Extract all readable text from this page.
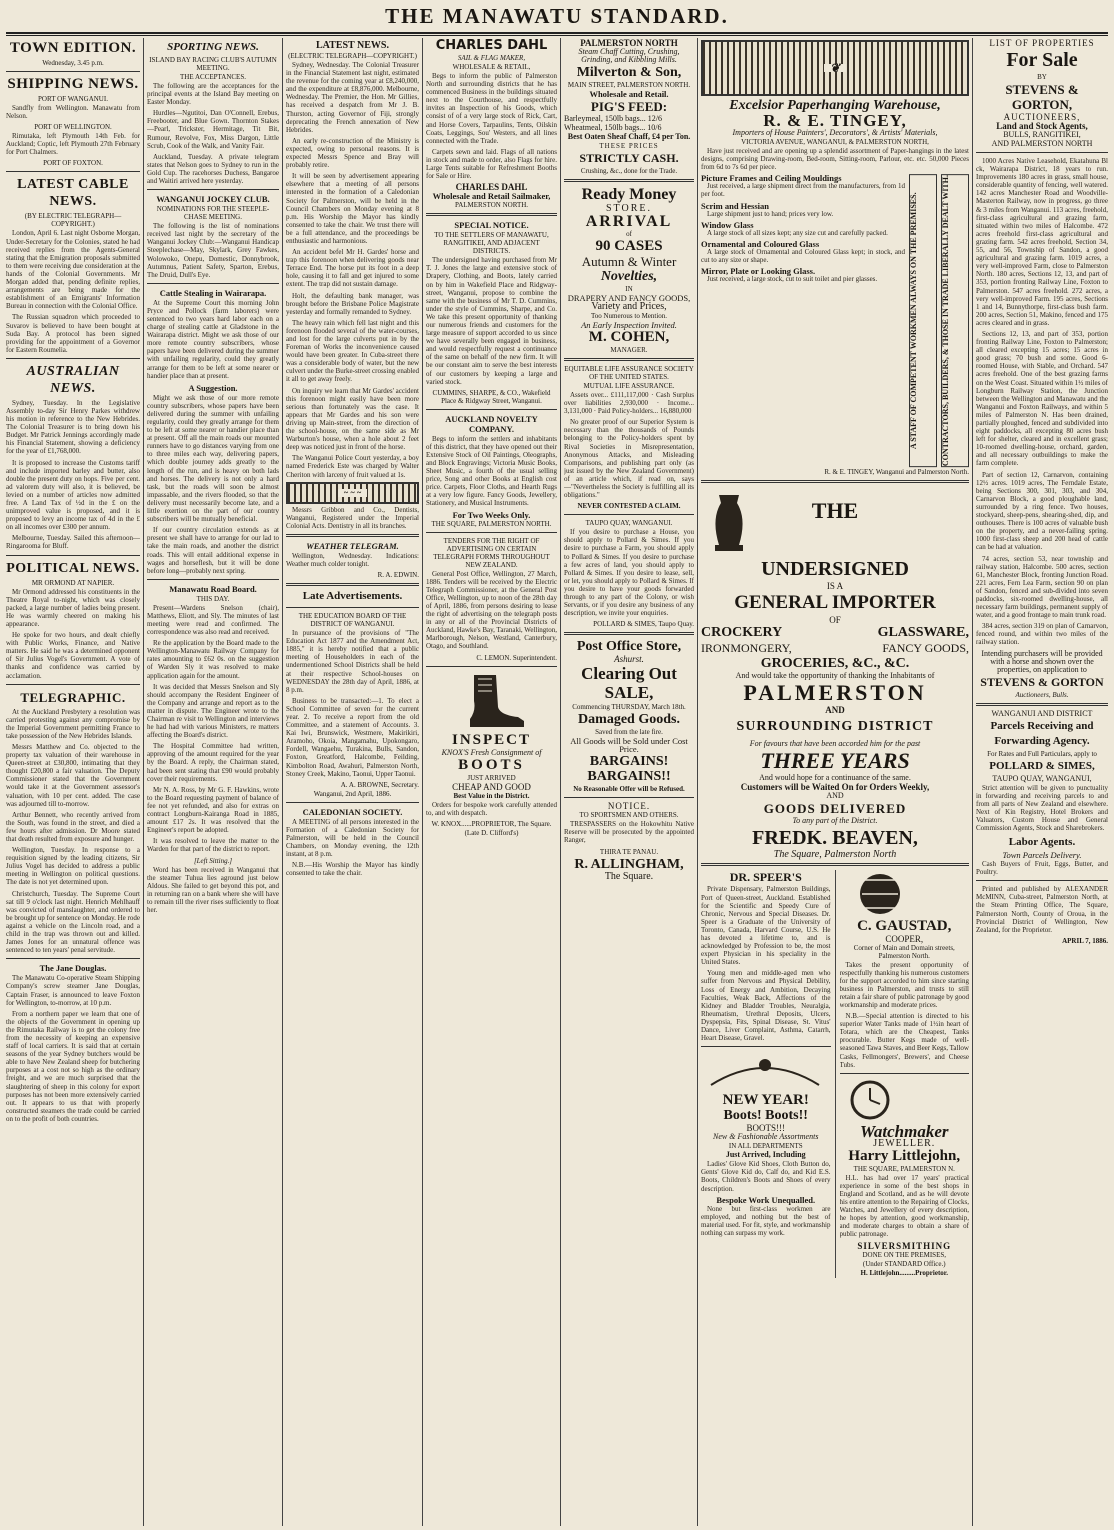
THE MANAWATU STANDARD.
TOWN EDITION.
Wednesday, 3.45 p.m.
SHIPPING NEWS.
PORT OF WANGANUI.

Sandfly from Wellington. Manawatu from Nelson.

PORT OF WELLINGTON.

Rimutaka, left Plymouth 14th Feb. for Auckland; Coptic, left Plymouth 27th February for Port Chalmers.

PORT OF FOXTON.
LATEST CABLE NEWS.
(BY ELECTRIC TELEGRAPH—COPYRIGHT.)

London, April 6. Last night Osborne Morgan, Under-Secretary for the Colonies, stated he had received replies from the Agents-General stating that the Emigration proposals submitted to them were receiving due consideration at the hands of the Colonial Governments. Mr Morgan added that, pending definite replies, arrangements are being made for the establishment of an Emigrants' Information Bureau in connection with the Colonial Office.

The Russian squadron which proceeded to Suvarov is believed to have been bought at Suda Bay. A protocol has been signed providing for the appointment of a Governor for Eastern Roumelia.

AUSTRALIAN NEWS.

Sydney, Tuesday. In the Legislative Assembly to-day Sir Henry Parkes withdrew his motion in reference to the New Hebrides. The Colonial Treasurer is to bring down his Budget. Mr Patrick Jennings accordingly made his Financial Statement, showing a deficiency for the year of £1,768,000.

It is proposed to increase the Customs tariff and include imported barley and butter, also double the present duty on hops. Five per cent. ad valorem duty will also, it is believed, be levied on a number of articles now admitted free. A Land Tax of ½d in the £ on the unimproved value is proposed, and it is proposed to levy an income tax of 4d in the £ on all incomes over £300 per annum.

Melbourne, Tuesday. Sailed this afternoon—Ringarooma for Bluff.

POLITICAL NEWS.
MR ORMOND AT NAPIER.

Mr Ormond addressed his constituents in the Theatre Royal to-night, which was closely packed, a large number of ladies being present. He was warmly cheered on making his appearance.

He spoke for two hours, and dealt chiefly with Public Works, Finance, and Native matters. He said he was a determined opponent of Sir Julius Vogel's Government. A vote of thanks and confidence was carried by acclamation.

TELEGRAPHIC.

At the Auckland Presbytery a resolution was carried protesting against any compromise by the Imperial Government permitting France to take possession of the New Hebrides Islands.

Messrs Matthew and Co. objected to the property tax valuation of their warehouse in Queen-street at £30,800, intimating that they thought £20,800 a fair valuation. The Deputy Commissioner stated that the Government would take it at the Government assessor's valuation, with 10 per cent. added. The case was adjourned till to-morrow.

Arthur Bennett, who recently arrived from the South, was found in the street, and died a few hours after admission. Dr Moore stated that death resulted from exposure and hunger.

Wellington, Tuesday. In response to a requisition signed by the leading citizens, Sir Julius Vogel has decided to address a public meeting in Wellington on political questions. The date is not yet determined upon.

Christchurch, Tuesday. The Supreme Court sat till 9 o'clock last night. Henrich Mehlhauff was convicted of manslaughter, and ordered to be brought up for sentence on Monday. He rode against a vehicle on the Lincoln road, and a child in the trap was thrown out and killed. James Jones for an unnatural offence was sentenced to ten years' penal servitude.

The Jane Douglas.

The Manawatu Co-operative Steam Shipping Company's screw steamer Jane Douglas, Captain Fraser, is announced to leave Foxton for Wellington, to-morrow, at 10 p.m.

From a northern paper we learn that one of the objects of the Government in opening up the Rimutaka Railway is to get the colony free from the necessity of keeping an expensive staff of local carriers. It is said that at certain seasons of the year Sydney butchers would be able to have New Zealand sheep for butchering purposes at a cost not so high as the ordinary freight, and we are much surprised that the slaughtering of sheep in this colony for export purposes has not been more extensively carried out. It appears to us that with properly constructed steamers the trade could be carried on to the profit of both countries.

SPORTING NEWS.
ISLAND BAY RACING CLUB'S AUTUMN MEETING.
THE ACCEPTANCES.

The following are the acceptances for the principal events at the Island Bay meeting on Easter Monday.

Hurdles—Ngutitoi, Dan O'Connell, Erebus, Freebooter, and Blue Gown. Thornton Stakes—Pearl, Trickster, Hermitage, Tit Bit, Rumour, Revolve, Fox, Miss Dargon, Little Scrub, Cook of the Walk, and Vanity Fair.

Auckland, Tuesday. A private telegram states that Nelson goes to Sydney to run in the Gold Cup. The racehorses Duchess, Bangaroe and Waitiri arrived here yesterday.

WANGANUI JOCKEY CLUB.
NOMINATIONS FOR THE STEEPLE-CHASE MEETING.

The following is the list of nominations received last night by the secretary of the Wanganui Jockey Club:—Wanganui Handicap Steeplechase—May, Skylark, Grey Fawkes, Wolowoko, Onepu, Domestic, Donnybrook, Autumnus, Patient Safety, Sparton, Erebus, The Druid, Dull's Eye.

Cattle Stealing in Wairarapa.

At the Supreme Court this morning John Pryce and Pollock (farm laborers) were sentenced to two years hard labor each on a charge of stealing cattle at Gladstone in the Wairarapa district. Might we ask those of our more remote country subscribers, whose papers have been delivered during the summer with unfailing regularity, could they greatly arrange for them to be left at some nearer or handier place than at present.

A Suggestion.

Might we ask those of our more remote country subscribers, whose papers have been delivered during the summer with unfailing regularity, could they greatly arrange for them to be left at some nearer or handier place than at present. Off all the main roads our mounted runners have to go distances varying from one to three miles each way, delivering papers, which double journey adds greatly to the length of the run, and is heavy on both lads and horses. The delivery is not only a hard task, but the roads will soon be almost impassable, and the rivers flooded, so that the delivery must necessarily become late, and a little exertion on the part of our country subscribers will be mutually beneficial.

If our country circulation extends as at present we shall have to arrange for our lad to take the main roads, and another the district roads. This will entail additional expense in wages and horseflesh, but it will be done before long—probably next spring.

Manawatu Road Board.
THIS DAY.

Present—Wardens Snelson (chair), Matthews, Eliott, and Sly. The minutes of last meeting were read and confirmed. The correspondence was also read and received.

Re the application by the Board made to the Wellington-Manawatu Railway Company for rates amounting to £62 0s. on the suggestion of Warden Sly it was resolved to make application again for the amount.

It was decided that Messrs Snelson and Sly should accompany the Resident Engineer of the Company and arrange and report as to the matter in dispute. The Engineer wrote to the Chairman re visit to Wellington and interviews he had had with various Ministers, re matters affecting the Board's district.

The Hospital Committee had written, approving of the amount required for the year by the Board. A reply, the Chairman stated, had been sent stating that £90 would probably cover their requirements.

Mr N. A. Ross, by Mr G. F. Hawkins, wrote to the Board requesting payment of balance of fee not yet refunded, and also for extras on contract Longburn-Kairanga Road in 1885, amount £17 2s. It was resolved that the Engineer's report be adopted.

It was resolved to leave the matter to the Warden for that part of the district to report.

[Left Sitting.]

Word has been received in Wanganui that the steamer Tuhua lies aground just below Aldous. She failed to get beyond this pot, and in returning ran on a bank where she will have to remain till the river rises sufficiently to float her.

LATEST NEWS.
(ELECTRIC TELEGRAPH—COPYRIGHT.)

Sydney, Wednesday. The Colonial Treasurer in the Financial Statement last night, estimated the revenue for the coming year at £8,240,000, and the expenditure at £8,876,000. Melbourne, Wednesday. The Premier, the Hon. Mr Gillies, has received a despatch from Mr J. B. Thurston, acting Governor of Fiji, strongly deprecating the French annexation of New Hebrides.

An early re-construction of the Ministry is expected, owing to personal reasons. It is expected Messrs Spence and Bray will probably retire.

It will be seen by advertisement appearing elsewhere that a meeting of all persons interested in the formation of a Caledonian Society for Palmerston, will be held in the Council Chambers on Monday evening at 8 p.m. His Worship the Mayor has kindly consented to take the chair. We trust there will be a full attendance, and the proceedings be enthusiastic and harmonious.

An accident befel Mr H. Gardes' horse and trap this forenoon when delivering goods near Terrace End. The horse put its foot in a deep hole, causing it to fall and get injured to some extent. The trap did not sustain damage.

Holt, the defaulting bank manager, was brought before the Brisbane Police Magistrate yesterday and formally remanded to Sydney.

The heavy rain which fell last night and this forenoon flooded several of the water-courses, and lost for the large culverts put in by the Foreman of Works the inconvenience caused would have been greater. In Cuba-street there was a considerable body of water, but the new culvert under the Burke-street crossing enabled it all to get away freely.

On inquiry we learn that Mr Gardes' accident this forenoon might easily have been more serious than fortunately was the case. It appears that Mr Gardes and his son were driving up Main-street, from the direction of the school-house, on the same side as Mr Warburton's house, when a hole about 2 feet deep was noticed just in front of the horse.

The Wanganui Police Court yesterday, a boy named Frederick Este was charged by Walter Cheriton with larceny of fruit valued at 1s.

~ ~ ~

Messrs Gribbon and Co., Dentists, Wanganui, Registered under the Imperial Colonial Acts. Dentistry in all its branches.

WEATHER TELEGRAM.

Wellington, Wednesday. Indications: Weather much colder tonight.

R. A. EDWIN.
Late Advertisements.
THE EDUCATION BOARD OF THE DISTRICT OF WANGANUI.

In pursuance of the provisions of "The Education Act 1877 and the Amendment Act, 1885," it is hereby notified that a public meeting of Householders in each of the undermentioned School Districts shall be held at their respective School-houses on WEDNESDAY the 28th day of April, 1886, at 8 p.m.

Business to be transacted:—1. To elect a School Committee of seven for the current year. 2. To receive a report from the old Committee, and a statement of Accounts. 3. Kai Iwi, Brunswick, Westmere, Makirikiri, Aramoho, Okoia, Mangamahu, Upokongaro, Fordell, Wangaehu, Turakina, Bulls, Sandon, Foxton, Greatford, Halcombe, Feilding, Kimbolton Road, Awahuri, Palmerston North, Stoney Creek, Makino, Taonui, Upper Taonui.

A. A. BROWNE, Secretary.
Wanganui, 2nd April, 1886.
CALEDONIAN SOCIETY.

A MEETING of all persons interested in the Formation of a Caledonian Society for Palmerston, will be held in the Council Chambers, on Monday evening, the 12th instant, at 8 p.m.

N.B.—His Worship the Mayor has kindly consented to take the chair.

CHARLES DAHL
SAIL & FLAG MAKER,
WHOLESALE & RETAIL,

Begs to inform the public of Palmerston North and surrounding districts that he has commenced Business in the buildings situated next to the Courthouse, and respectfully invites an Inspection of his Goods, which consist of of a very large stock of Rick, Cart, and Horse Covers, Tarpaulins, Tents, Oilskin Coats, Leggings, Sou' Westers, and all lines connected with the Trade.

Carpets sewn and laid. Flags of all nations in stock and made to order, also Flags for hire. Large Tents suitable for Refreshment Booths for Sale or Hire.

CHARLES DAHL
Wholesale and Retail Sailmaker,
PALMERSTON NORTH.
SPECIAL NOTICE.
TO THE SETTLERS OF MANAWATU, RANGITIKEI, AND ADJACENT DISTRICTS.

The undersigned having purchased from Mr T. J. Jones the large and extensive stock of Drapery, Clothing, and Boots, lately carried on by him in Wakefield Place and Ridgway-street, Wanganui, propose to combine the same with the business of Mr T. D. Cummins, under the style of Cummins, Sharpe, and Co. We take this present opportunity of thanking our numerous friends and customers for the large measure of support accorded to us since we have severally been engaged in business, and would respectfully request a continuance of the same on behalf of the new firm. It will be our constant aim to serve the best interests of our customers by keeping a large and varied stock.

CUMMINS, SHARPE, & CO., Wakefield Place & Ridgway Street, Wanganui.
AUCKLAND NOVELTY COMPANY.

Begs to inform the settlers and inhabitants of this district, that they have opened out their Extensive Stock of Oil Paintings, Oleographs, and Block Engravings; Victoria Music Books, Sheet Music, a fourth of the usual selling price, Song and other Books at English cost price. Carpets, Floor Cloths, and Hearth Rugs at a very low figure. Fancy Goods, Jewellery, Stationery, and Musical Instruments.

For Two Weeks Only.
THE SQUARE, PALMERSTON NORTH.
TENDERS FOR THE RIGHT OF ADVERTISING ON CERTAIN TELEGRAPH FORMS THROUGHOUT NEW ZEALAND.

General Post Office, Wellington, 27 March, 1886. Tenders will be received by the Electric Telegraph Commissioner, at the General Post Office, Wellington, up to noon of the 28th day of April, 1886, from persons desiring to lease the right of advertising on the telegraph posts in any or all of the Provincial Districts of Auckland, Hawke's Bay, Taranaki, Wellington, Marlborough, Nelson, Westland, Canterbury, Otago, and Southland.

C. LEMON. Superintendent.
INSPECT
KNOX'S Fresh Consignment of
BOOTS
JUST ARRIVED
CHEAP AND GOOD
Best Value in the District.

Orders for bespoke work carefully attended to, and with despatch.

W. KNOX......PROPRIETOR, The Square.
(Late D. Clifford's)
PALMERSTON NORTH
Steam Chaff Cutting, Crushing, Grinding, and Kibbling Mills.
Milverton & Son,
MAIN STREET, PALMERSTON NORTH.
Wholesale and Retail.
PIG'S FEED:
Barleymeal, 150lb bags... 12/6
Wheatmeal, 150lb bags... 10/6
Best Oaten Sheaf Chaff, £4 per Ton.
THESE PRICES
STRICTLY CASH.
Crushing, &c., done for the Trade.
Ready Money
STORE.
ARRIVAL
of
90 CASES
Autumn & Winter
Novelties,
IN
DRAPERY AND FANCY GOODS,
Variety and Prices,
Too Numerous to Mention.
An Early Inspection Invited.
M. COHEN,
MANAGER.
EQUITABLE LIFE ASSURANCE SOCIETY OF THE UNITED STATES.
MUTUAL LIFE ASSURANCE.

Assets over... £111,117,000 · Cash Surplus over liabilities 2,930,000 · Income... 3,131,000 · Paid Policy-holders... 16,880,000

No greater proof of our Superior System is necessary than the thousands of Pounds belonging to the Policy-holders spent by Rival Societies in Misrepresentation, Anonymous Attacks, and Misleading Comparisons, and publishing part only (as just issued by the New Zealand Government) of an article which, if read on, says—"Nevertheless the Society is fulfilling all its obligations."

NEVER CONTESTED A CLAIM.
TAUPO QUAY, WANGANUI.

If you desire to purchase a House, you should apply to Pollard & Simes. If you desire to purchase a Farm, you should apply to Pollard & Simes. If you desire to purchase a few acres of land, you should apply to Pollard & Simes. If you desire to lease, sell, or let, you should apply to Pollard & Simes. If you desire to have your goods forwarded through to any part of the Colony, or wish Servants, or if you desire any business of any description, we invite your enquiries.

POLLARD & SIMES, Taupo Quay.
Post Office Store,
Ashurst.
Clearing Out
SALE,
Commencing THURSDAY, March 18th.
Damaged Goods.
Saved from the late fire.
All Goods will be Sold under Cost Price.
BARGAINS! BARGAINS!!
No Reasonable Offer will be Refused.
NOTICE.
TO SPORTSMEN AND OTHERS.

TRESPASSERS on the Hokowhitu Native Reserve will be prosecuted by the appointed Ranger,

THIRA TE PANAU.
R. ALLINGHAM,
The Square.
❦
Excelsior Paperhanging Warehouse,
R. & E. TINGEY,
Importers of House Painters', Decorators', & Artists' Materials,
VICTORIA AVENUE, WANGANUI, & PALMERSTON NORTH,

Have just received and are opening up a splendid assortment of Paper-hangings in the latest designs, comprising Drawing-room, Bed-room, Sitting-room, Parlour, etc. etc. 50,000 Pieces from 6d to 7s 6d per piece.

Picture Frames and Ceiling Mouldings

Just received, a large shipment direct from the manufacturers, from 1d per foot.

Scrim and Hessian

Large shipment just to hand; prices very low.

Window Glass

A large stock of all sizes kept; any size cut and carefully packed.

Ornamental and Coloured Glass

A large stock of Ornamental and Coloured Glass kept; in stock, and cut to any size or shape.

Mirror, Plate or Looking Glass.

Just received, a large stock, cut to suit toilet and pier glasses.	A STAFF OF COMPETENT WORKMEN ALWAYS ON THE PREMISES.	CONTRACTORS, BUILDERS, & THOSE IN TRADE LIBERALLY DEALT WITH.
R. & E. TINGEY, Wanganui and Palmerston North.
THE
UNDERSIGNED
IS A
GENERAL IMPORTER
OF
CROCKERY	GLASSWARE,
IRONMONGERY,	FANCY GOODS,
GROCERIES, &C., &C.
And would take the opportunity of thanking the Inhabitants of
PALMERSTON
AND
SURROUNDING DISTRICT
For favours that have been accorded him for the past
THREE YEARS
And would hope for a continuance of the same.
Customers will be Waited On for Orders Weekly,
AND
GOODS DELIVERED
To any part of the District.
FREDK. BEAVEN,
The Square, Palmerston North
DR. SPEER'S

Private Dispensary, Palmerston Buildings, Port of Queen-street, Auckland. Established for the Scientific and Speedy Cure of Chronic, Nervous and Special Diseases. Dr. Speer is a Graduate of the University of Toronto, Canada, Harvard Course, U.S. He has devoted a lifetime to, and is acknowledged by Profession to be, the most expert Physician in his speciality in the United States.

Young men and middle-aged men who suffer from Nervous and Physical Debility, Loss of Energy and Ambition, Decaying Faculties, Weak Back, Affections of the Kidney and Bladder Troubles, Neuralgia, Rheumatism, Urethral Deposits, Ulcers, Dyspepsia, Fits, Spinal Disease, St. Vitus' Dance, Liver Complaint, Asthma, Catarrh, Heart Disease, Gravel.

NEW YEAR!
Boots! Boots!!
BOOTS!!!
New & Fashionable Assortments
IN ALL DEPARTMENTS
Just Arrived, Including

Ladies' Glove Kid Shoes, Cloth Button do, Gents' Glove Kid do, Calf do, and Kid E.S. Boots, Children's Boots and Shoes of every description.

Bespoke Work Unequalled.

None but first-class workmen are employed, and nothing but the best of material used. For fit, style, and workmanship nothing can surpass my work.

C. GAUSTAD,
COOPER,
Corner of Main and Domain streets, Palmerston North.

Takes the present opportunity of respectfully thanking his numerous customers for the support accorded to him since starting business in Palmerston, and trusts to still retain a fair share of public patronage by good workmanship and moderate prices.

N.B.—Special attention is directed to his superior Water Tanks made of 1½in heart of Totara, which are the Cheapest, Tanks procurable. Butter Kegs made of well-seasoned Tawa Staves, and Beer Kegs, Tallow Casks, Fellmongers', Brewers', and Cheese Tubs.

Watchmaker
JEWELLER.
Harry Littlejohn,
THE SQUARE, PALMERSTON N.

H.L. has had over 17 years' practical experience in some of the best shops in England and Scotland, and as he will devote his entire attention to the Repairing of Clocks, Watches, and Jewellery of every description, he hopes by attention, good workmanship, and moderate charges to obtain a share of public patronage.

SILVERSMITHING
DONE ON THE PREMISES,
(Under STANDARD Office.)
H. Littlejohn.........Proprietor.
LIST OF PROPERTIES
For Sale
BY
STEVENS & GORTON,
AUCTIONEERS,
Land and Stock Agents,
BULLS, RANGITIKEI,
AND PALMERSTON NORTH

1000 Acres Native Leasehold, Ekatahuna Bl ck, Wairarapa District, 18 years to run. Improvements 180 acres in grass, small house, considerable quantity of fencing, well watered. 142 acres Manchester Road and Woodville-Masterton Railway, now in progress, go three & 3 miles from Wanganui. 113 acres, freehold, first-class agricultural and grazing farm, situated within two miles of Halcombe. 472 acres freehold first-class agricultural and grazing farm. 542 acres freehold, Section 34, 55, and 56, Township of Sandon, a good agricultural and grazing farm. 1019 acres, a very well-improved Farm, close to Palmerston North. 180 acres, Sections 12, 13, and part of 353, portion fronting Railway Line, Foxton to Palmerston. 547 acres freehold. 272 acres, a very well-improved Farm. 195 acres, Sections 1 and 14, Bunnythorpe, first-class bush farm. 200 acres, Section 51, Makino, fenced and 175 acres cleared and in grass.

Sections 12, 13, and part of 353, portion fronting Railway Line, Foxton to Palmerston; all cleared excepting 15 acres; 15 acres in good grass; 70 bush and some. Good 6-roomed House, with Stable, and Orchard. 547 acres freehold. One of the best grazing farms on the West Coast. Situated within 1½ miles of Longburn Railway Station, the Junction between the Wellington and Manawatu and the Wanganui and Foxton Railways, and within 5 miles of Palmerston N. Has been drained, partially ploughed, fenced and subdivided into eight paddocks, all excepting 80 acres bush left for shelter, cleared and in excellent grass; 10-roomed dwelling-house, orchard, garden, and all necessary outbuildings to make the farm complete.

Part of section 12, Carnarvon, containing 12½ acres. 1019 acres, The Ferndale Estate, being Sections 300, 301, 303, and 304, Carnarvon Block, a good ploughable land, surrounded by a ring fence. Two houses, stockyard, sheep-pens, shearing-shed, dip, and outhouses. There is 100 acres of valuable bush on the property, and a never-failing spring. 1000 first-class sheep and 200 head of cattle can be had at valuation.

74 acres, section 53, near township and railway station, Halcombe. 500 acres, section 61, Manchester Block, fronting Junction Road. 221 acres, Fern Lea Farm, section 90 on plan of Sandon, fenced and sub-divided into seven paddocks, six-roomed dwelling-house, all necessary farm buildings, permanent supply of water, and a good frontage to main trunk road.

384 acres, section 319 on plan of Carnarvon, fenced round, and within two miles of the railway station.

Intending purchasers will be provided with a horse and shown over the properties, on application to
STEVENS & GORTON
Auctioneers, Bulls.
WANGANUI AND DISTRICT
Parcels Receiving and Forwarding Agency.
For Rates and Full Particulars, apply to
POLLARD & SIMES,
TAUPO QUAY, WANGANUI,

Strict attention will be given to punctuality in forwarding and receiving parcels to and from all parts of New Zealand and elsewhere. Next of Kin Registry, Hotel Brokers and Valuators, Custom House and General Commission Agents, Stock and Sharebrokers.

Labor Agents.
Town Parcels Delivery.

Cash Buyers of Fruit, Eggs, Butter, and Poultry.

Printed and published by ALEXANDER McMINN, Cuba-street, Palmerston North, at the Steam Printing Office, The Square, Palmerston North, County of Oroua, in the Provincial District of Wellington, New Zealand, for the Proprietor.

APRIL 7, 1886.
